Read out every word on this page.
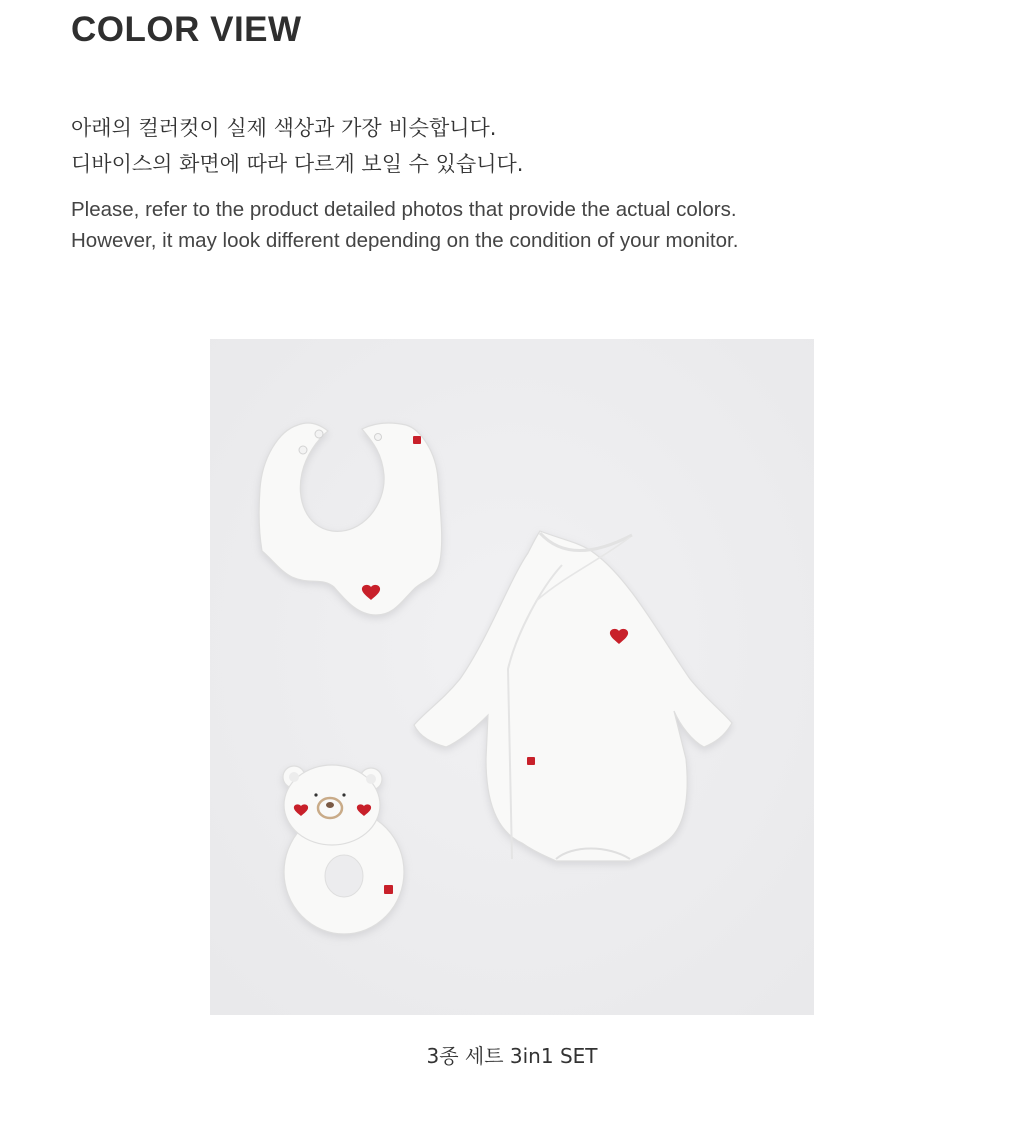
COLOR VIEW
아래의 컬러컷이 실제 색상과 가장 비슷합니다.
디바이스의 화면에 따라 다르게 보일 수 있습니다.
Please, refer to the product detailed photos that provide the actual colors.
However, it may look different depending on the condition of your monitor.
3종 세트 3in1 SET
